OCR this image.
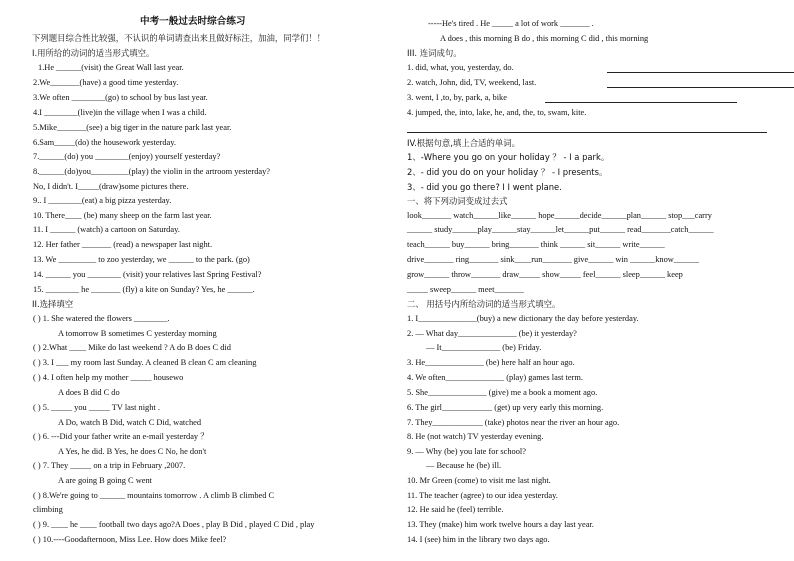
中考一般过去时综合练习
下列题目综合性比较强，不认识的单词请查出来且做好标注，加油，同学们！！
I.用所给的动词的适当形式填空。
1.He ______(visit) the Great Wall last year.
2.We_______(have) a good time yesterday.
3.We often ________(go) to school by bus last year.
4.I ________(live)in the village when I was a child.
5.Mike_______(see) a big tiger in the nature park last year.
6.Sam_____(do) the housework yesterday.
7.______(do) you ________(enjoy) yourself yesterday?
8.______(do)you_________(play) the violin in the artroom yesterday?
No, I didn't. I_____(draw)some pictures there.
9.. I ________(eat) a big pizza yesterday.
10. There____ (be) many sheep on the farm last year.
11. I ______ (watch) a cartoon on Saturday.
12. Her father _______ (read) a newspaper last night.
13. We _________ to zoo yesterday, we ______ to the park. (go)
14. ______ you ________ (visit) your relatives last Spring Festival?
15. ________ he _______ (fly) a kite on Sunday? Yes, he ______.
II.选择填空
( ) 1. She watered the flowers ________.
A tomorrow B sometimes C yesterday morning
( ) 2.What ____ Mike do last weekend ? A do B does C did
( ) 3. I ___ my room last Sunday. A cleaned B clean C am cleaning
( ) 4. I often help my mother _____ housewo
A does B did C do
( ) 5. _____ you _____ TV last night .
A Do, watch B Did, watch C Did, watched
( ) 6. ---Did your father write an e-mail yesterday ？
A Yes, he did. B Yes, he does C No, he don't
( ) 7. They _____ on a trip in February ,2007.
A are going B going C went
( ) 8.We're going to ______ mountains tomorrow . A climb B climbed C
climbing
( ) 9. ____ he ____ football two days ago?A Does , play B Did , played C Did , play
( ) 10.----Goodafternoon, Miss Lee. How does Mike feel?
-----He's tired . He _____ a lot of work _______ .
A does , this morning B do , this morning C did , this morning
III. 连词成句。
1. did, what, you, yesterday, do.
2. watch, John, did, TV, weekend, last.
3. went, I ,to, by, park, a, bike
4. jumped, the, into, lake, he, and, the, to, swam, kite.
IV.根据句意,填上合适的单词。
1、-Where you go on your holiday ？ - I a park。
2、- did you do on your holiday ？ - I presents。
3、- did you go there? I I went plane.
一、将下列动词变成过去式
look_______ watch______like______ hope______decide______plan______ stop___carry
______ study______play______stay______let______put______ read_______catch______
teach______ buy______ bring_______ think ______ sit______ write______
drive_______ ring_______ sink____run_______ give______ win ______know______
grow______ throw_______ draw_____ show_____ feel______ sleep______ keep
_____ sweep______ meet_______
二、 用括号内所给动词的适当形式填空。
1. I______________(buy) a new dictionary the day before yesterday.
2. — What day______________ (be) it yesterday?
— It______________ (be) Friday.
3. He______________ (be) here half an hour ago.
4. We often______________ (play) games last term.
5. She______________ (give) me a book a moment ago.
6. The girl____________ (get) up very early this morning.
7. They____________ (take) photos near the river an hour ago.
8. He (not watch) TV yesterday evening.
9. — Why (be) you late for school?
— Because he (be) ill.
10. Mr Green (come) to visit me last night.
11. The teacher (agree) to our idea yesterday.
12. He said he (feel) terrible.
13. They (make) him work twelve hours a day last year.
14. I (see) him in the library two days ago.
